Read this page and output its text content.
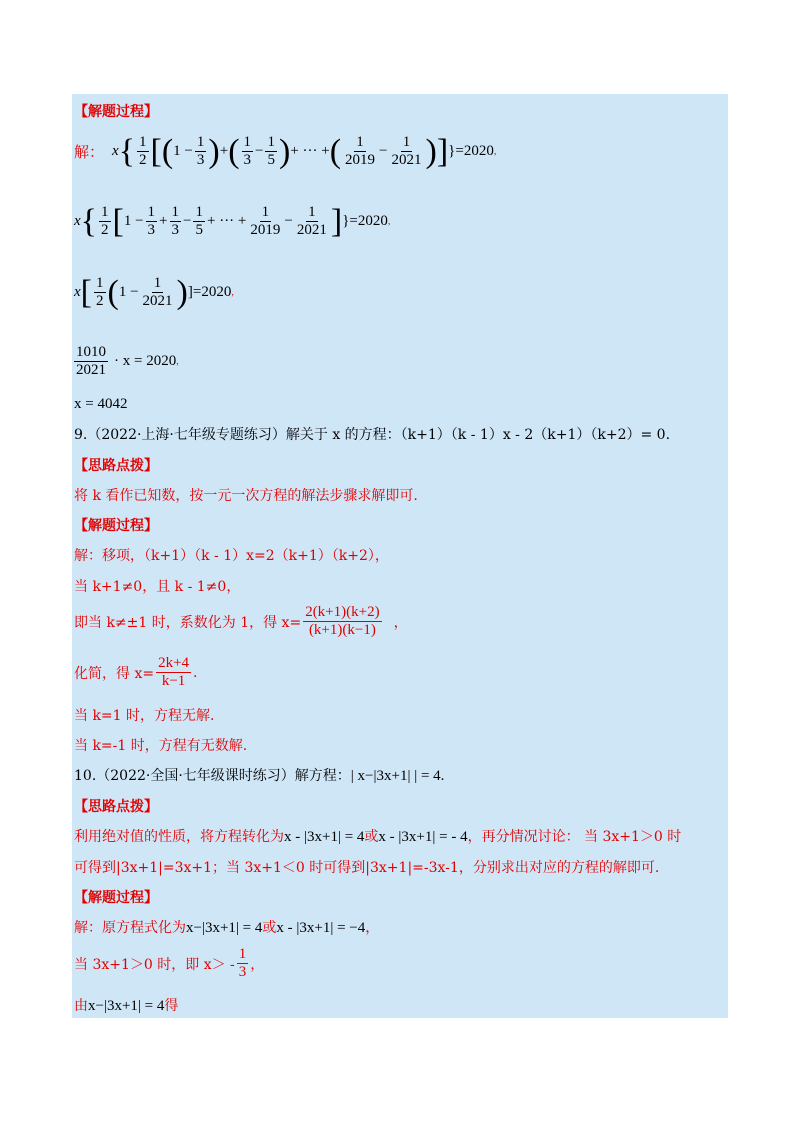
【解题过程】
解： x { $\frac{1}{2}$ [ ( $1 - \frac{1}{3}$ ) + ( $\frac{1}{3} - \frac{1}{5}$ ) + ··· + ( $\frac{1}{2019} - \frac{1}{2021}$ ) ] }=2020 ,
x { $\frac{1}{2}$ [ $1 - \frac{1}{3} + \frac{1}{3} - \frac{1}{5}$ + ··· + $\frac{1}{2019} - \frac{1}{2021}$ ] }=2020 ,
x [ $\frac{1}{2}$ ( $1 - \frac{1}{2021}$ ) ]=2020 ,
$\frac{1010}{2021} \cdot x = 2020$ ,
x = 4042
9.（2022·上海·七年级专题练习）解关于 x 的方程：（k+1）（k - 1）x - 2（k+1）（k+2）= 0.
【思路点拨】
将 k 看作已知数，按一元一次方程的解法步骤求解即可.
【解题过程】
解：移项，（k+1）（k - 1）x=2（k+1）（k+2），
当 k+1≠0，且 k - 1≠0，
即当 k≠±1 时，系数化为 1，得 $x= \frac{2(k+1)(k+2)}{(k+1)(k-1)}$ ，
化简，得 $x= \frac{2k+4}{k-1}$ .
当 k=1 时，方程无解.
当 k=-1 时，方程有无数解.
10.（2022·全国·七年级课时练习）解方程：| x−|3x+1| | = 4.
【思路点拨】
利用绝对值的性质，将方程转化为x - |3x+1| = 4或x - |3x+1| = - 4，再分情况讨论： 当 3x+1＞0 时
可得到|3x+1|=3x+1；当 3x+1＜0 时可得到|3x+1|=-3x-1，分别求出对应的方程的解即可.
【解题过程】
解：原方程式化为x−|3x+1| = 4或x - |3x+1| = −4，
当 3x+1＞0 时，即 $x> - \frac{1}{3}$ ，
由x−|3x+1| = 4得
